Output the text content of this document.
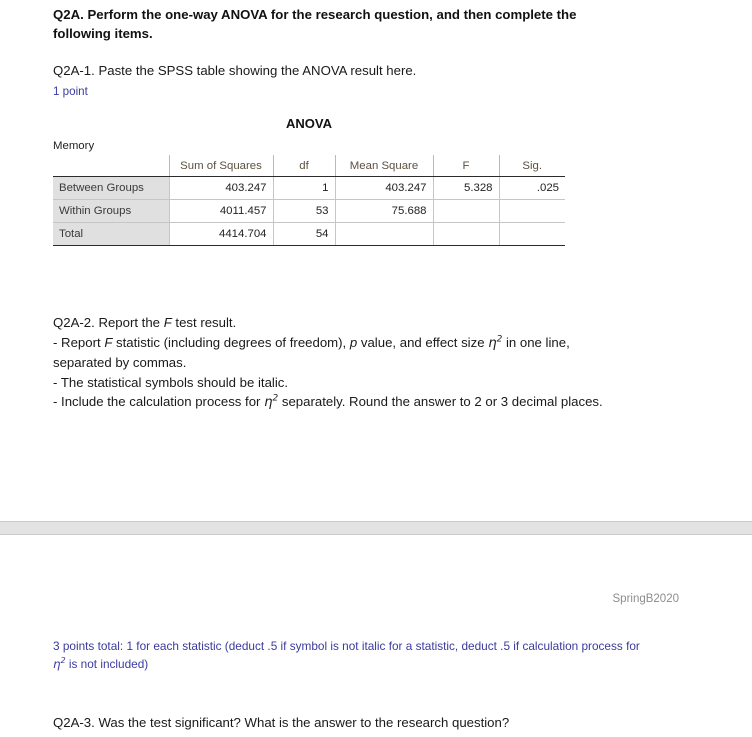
Q2A. Perform the one-way ANOVA for the research question, and then complete the
following items.
Q2A-1. Paste the SPSS table showing the ANOVA result here.
1 point
ANOVA
Memory
	Sum of Squares	df	Mean Square	F	Sig.
Between Groups	403.247	1	403.247	5.328	.025
Within Groups	4011.457	53	75.688		
Total	4414.704	54			
Q2A-2. Report the F test result.
- Report F statistic (including degrees of freedom), p value, and effect size $\eta^2$ in one line,
separated by commas.
- The statistical symbols should be italic.
- Include the calculation process for $\eta^2$ separately. Round the answer to 2 or 3 decimal places.
SpringB2020
3 points total: 1 for each statistic (deduct .5 if symbol is not italic for a statistic, deduct .5 if calculation process for
$\eta^2$ is not included)
Q2A-3. Was the test significant? What is the answer to the research question?
